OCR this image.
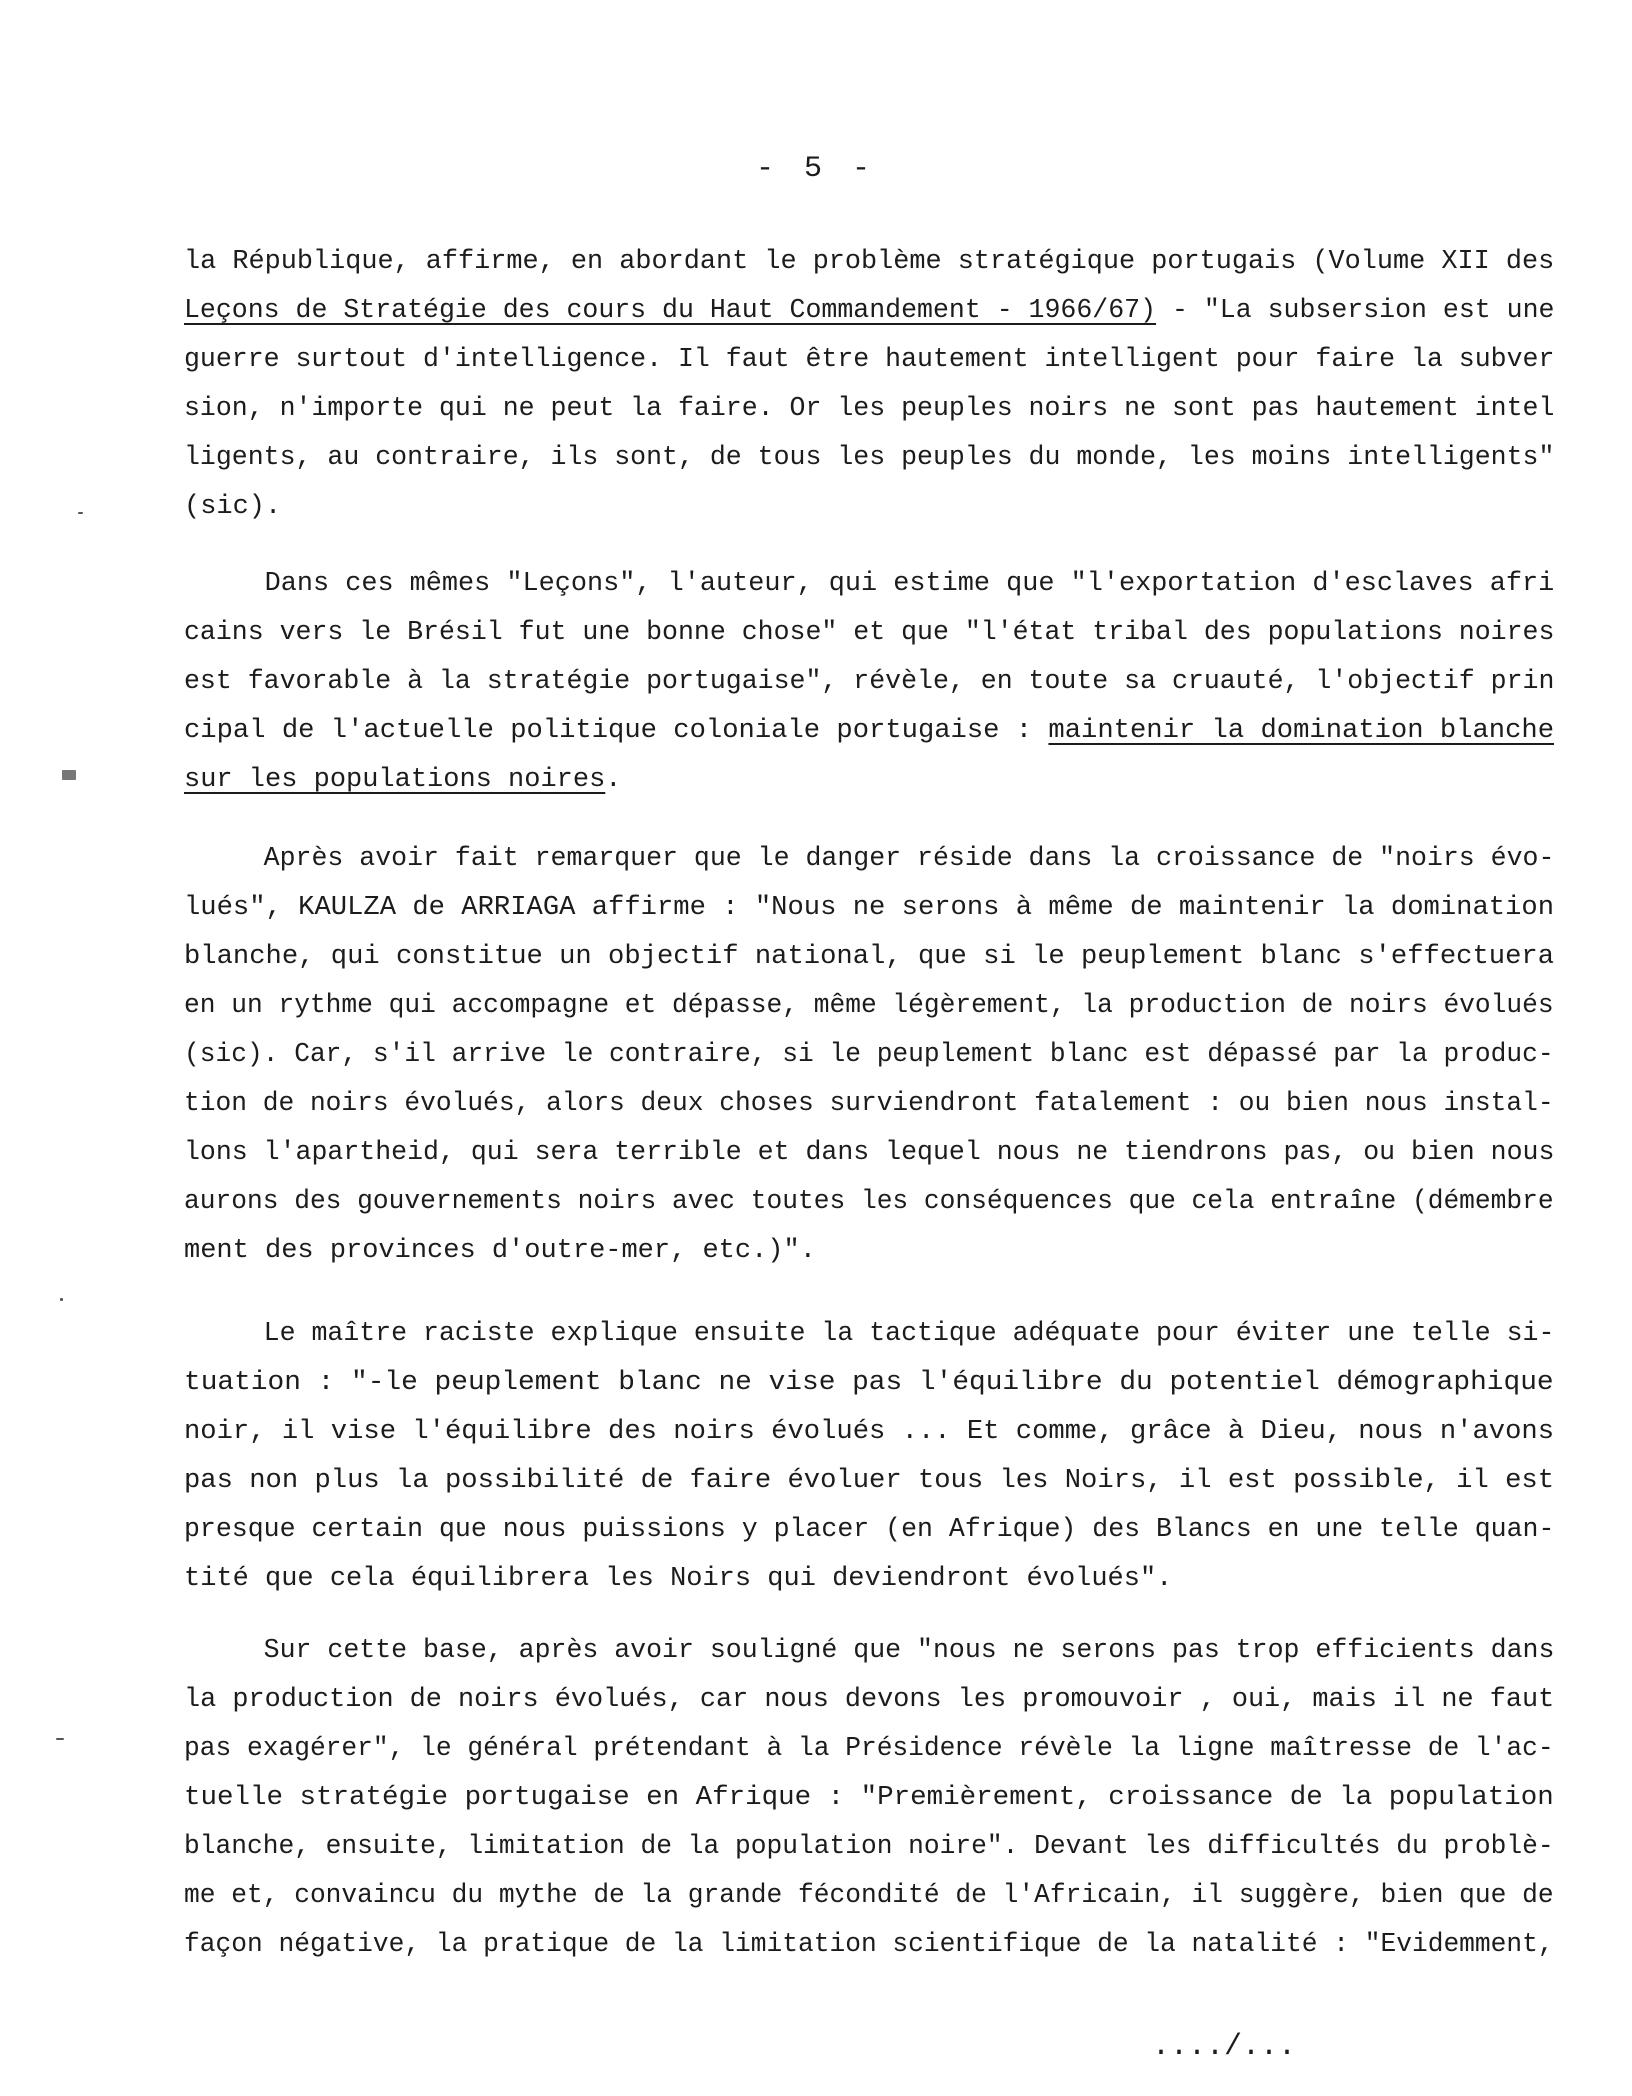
- 5 -
la République, affirme, en abordant le problème stratégique portugais (Volume XII des
Leçons de Stratégie des cours du Haut Commandement - 1966/67) - "La subsersion est une
guerre surtout d'intelligence. Il faut être hautement intelligent pour faire la subver
sion, n'importe qui ne peut la faire. Or les peuples noirs ne sont pas hautement intel
ligents, au contraire, ils sont, de tous les peuples du monde, les moins intelligents"
(sic).
Dans ces mêmes "Leçons", l'auteur, qui estime que "l'exportation d'esclaves afri
cains vers le Brésil fut une bonne chose" et que "l'état tribal des populations noires
est favorable à la stratégie portugaise", révèle, en toute sa cruauté, l'objectif prin
cipal de l'actuelle politique coloniale portugaise : maintenir la domination blanche
sur les populations noires.
Après avoir fait remarquer que le danger réside dans la croissance de "noirs évo-
lués", KAULZA de ARRIAGA affirme : "Nous ne serons à même de maintenir la domination
blanche, qui constitue un objectif national, que si le peuplement blanc s'effectuera
en un rythme qui accompagne et dépasse, même légèrement, la production de noirs évolués
(sic). Car, s'il arrive le contraire, si le peuplement blanc est dépassé par la produc-
tion de noirs évolués, alors deux choses surviendront fatalement : ou bien nous instal-
lons l'apartheid, qui sera terrible et dans lequel nous ne tiendrons pas, ou bien nous
aurons des gouvernements noirs avec toutes les conséquences que cela entraîne (démembre
ment des provinces d'outre-mer, etc.)".
Le maître raciste explique ensuite la tactique adéquate pour éviter une telle si-
tuation : "-le peuplement blanc ne vise pas l'équilibre du potentiel démographique
noir, il vise l'équilibre des noirs évolués ... Et comme, grâce à Dieu, nous n'avons
pas non plus la possibilité de faire évoluer tous les Noirs, il est possible, il est
presque certain que nous puissions y placer (en Afrique) des Blancs en une telle quan-
tité que cela équilibrera les Noirs qui deviendront évolués".
Sur cette base, après avoir souligné que "nous ne serons pas trop efficients dans
la production de noirs évolués, car nous devons les promouvoir , oui, mais il ne faut
pas exagérer", le général prétendant à la Présidence révèle la ligne maîtresse de l'ac-
tuelle stratégie portugaise en Afrique : "Premièrement, croissance de la population
blanche, ensuite, limitation de la population noire". Devant les difficultés du problè-
me et, convaincu du mythe de la grande fécondité de l'Africain, il suggère, bien que de
façon négative, la pratique de la limitation scientifique de la natalité : "Evidemment,
..../...
